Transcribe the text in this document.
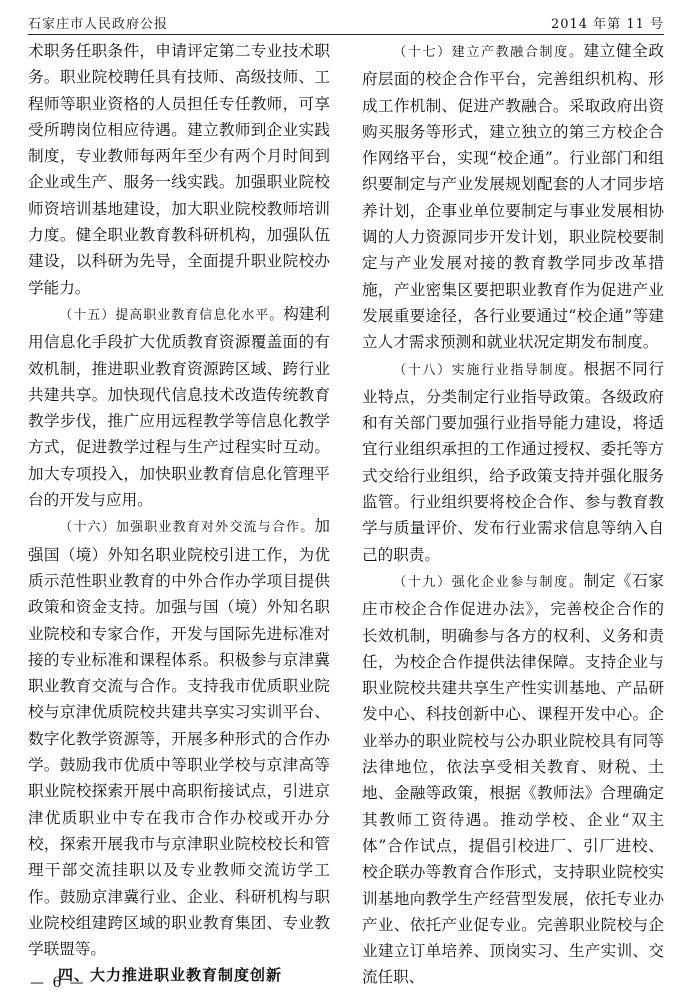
石家庄市人民政府公报	2014 年第 11 号

术职务任职条件，申请评定第二专业技术职务。职业院校聘任具有技师、高级技师、工程师等职业资格的人员担任专任教师，可享受所聘岗位相应待遇。建立教师到企业实践制度，专业教师每两年至少有两个月时间到企业或生产、服务一线实践。加强职业院校师资培训基地建设，加大职业院校教师培训力度。健全职业教育教科研机构，加强队伍建设，以科研为先导，全面提升职业院校办学能力。

（十五）提高职业教育信息化水平。构建利用信息化手段扩大优质教育资源覆盖面的有效机制，推进职业教育资源跨区域、跨行业共建共享。加快现代信息技术改造传统教育教学步伐，推广应用远程教学等信息化教学方式，促进教学过程与生产过程实时互动。加大专项投入，加快职业教育信息化管理平台的开发与应用。

（十六）加强职业教育对外交流与合作。加强国（境）外知名职业院校引进工作，为优质示范性职业教育的中外合作办学项目提供政策和资金支持。加强与国（境）外知名职业院校和专家合作，开发与国际先进标准对接的专业标准和课程体系。积极参与京津冀职业教育交流与合作。支持我市优质职业院校与京津优质院校共建共享实习实训平台、数字化教学资源等，开展多种形式的合作办学。鼓励我市优质中等职业学校与京津高等职业院校探索开展中高职衔接试点，引进京津优质职业中专在我市合作办校或开办分校，探索开展我市与京津职业院校校长和管理干部交流挂职以及专业教师交流访学工作。鼓励京津冀行业、企业、科研机构与职业院校组建跨区域的职业教育集团、专业教学联盟等。

四、大力推进职业教育制度创新

（十七）建立产教融合制度。建立健全政府层面的校企合作平台，完善组织机构、形成工作机制、促进产教融合。采取政府出资购买服务等形式，建立独立的第三方校企合作网络平台，实现“校企通”。行业部门和组织要制定与产业发展规划配套的人才同步培养计划，企事业单位要制定与事业发展相协调的人力资源同步开发计划，职业院校要制定与产业发展对接的教育教学同步改革措施，产业密集区要把职业教育作为促进产业发展重要途径，各行业要通过“校企通”等建立人才需求预测和就业状况定期发布制度。

（十八）实施行业指导制度。根据不同行业特点，分类制定行业指导政策。各级政府和有关部门要加强行业指导能力建设，将适宜行业组织承担的工作通过授权、委托等方式交给行业组织，给予政策支持并强化服务监管。行业组织要将校企合作、参与教育教学与质量评价、发布行业需求信息等纳入自己的职责。

（十九）强化企业参与制度。制定《石家庄市校企合作促进办法》，完善校企合作的长效机制，明确参与各方的权利、义务和责任，为校企合作提供法律保障。支持企业与职业院校共建共享生产性实训基地、产品研发中心、科技创新中心、课程开发中心。企业举办的职业院校与公办职业院校具有同等法律地位，依法享受相关教育、财税、土地、金融等政策，根据《教师法》合理确定其教师工资待遇。推动学校、企业“双主体”合作试点，提倡引校进厂、引厂进校、校企联办等教育合作形式，支持职业院校实训基地向教学生产经营型发展，依托专业办产业、依托产业促专业。完善职业院校与企业建立订单培养、顶岗实习、生产实训、交流任职、

— 6 —
